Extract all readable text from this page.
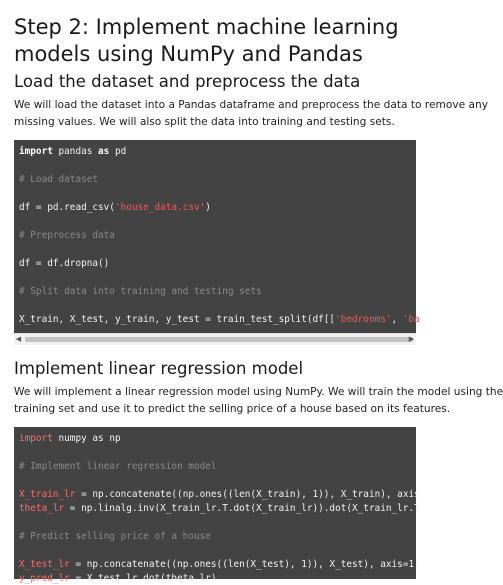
Step 2: Implement machine learning models using NumPy and Pandas
Load the dataset and preprocess the data

We will load the dataset into a Pandas dataframe and preprocess the data to remove any

missing values. We will also split the data into training and testing sets.

import pandas as pd
# Load dataset
df = pd.read_csv('house_data.csv')
# Preprocess data
df = df.dropna()
# Split data into training and testing sets
X_train, X_test, y_train, y_test = train_test_split(df[['bedrooms', 'ba
◀	▶
Implement linear regression model

We will implement a linear regression model using NumPy. We will train the model using the

training set and use it to predict the selling price of a house based on its features.

import numpy as np
# Implement linear regression model
X_train_lr = np.concatenate((np.ones((len(X_train), 1)), X_train), axis
theta_lr = np.linalg.inv(X_train_lr.T.dot(X_train_lr)).dot(X_train_lr.T
# Predict selling price of a house
X_test_lr = np.concatenate((np.ones((len(X_test), 1)), X_test), axis=1)
y_pred_lr = X_test_lr.dot(theta_lr)
